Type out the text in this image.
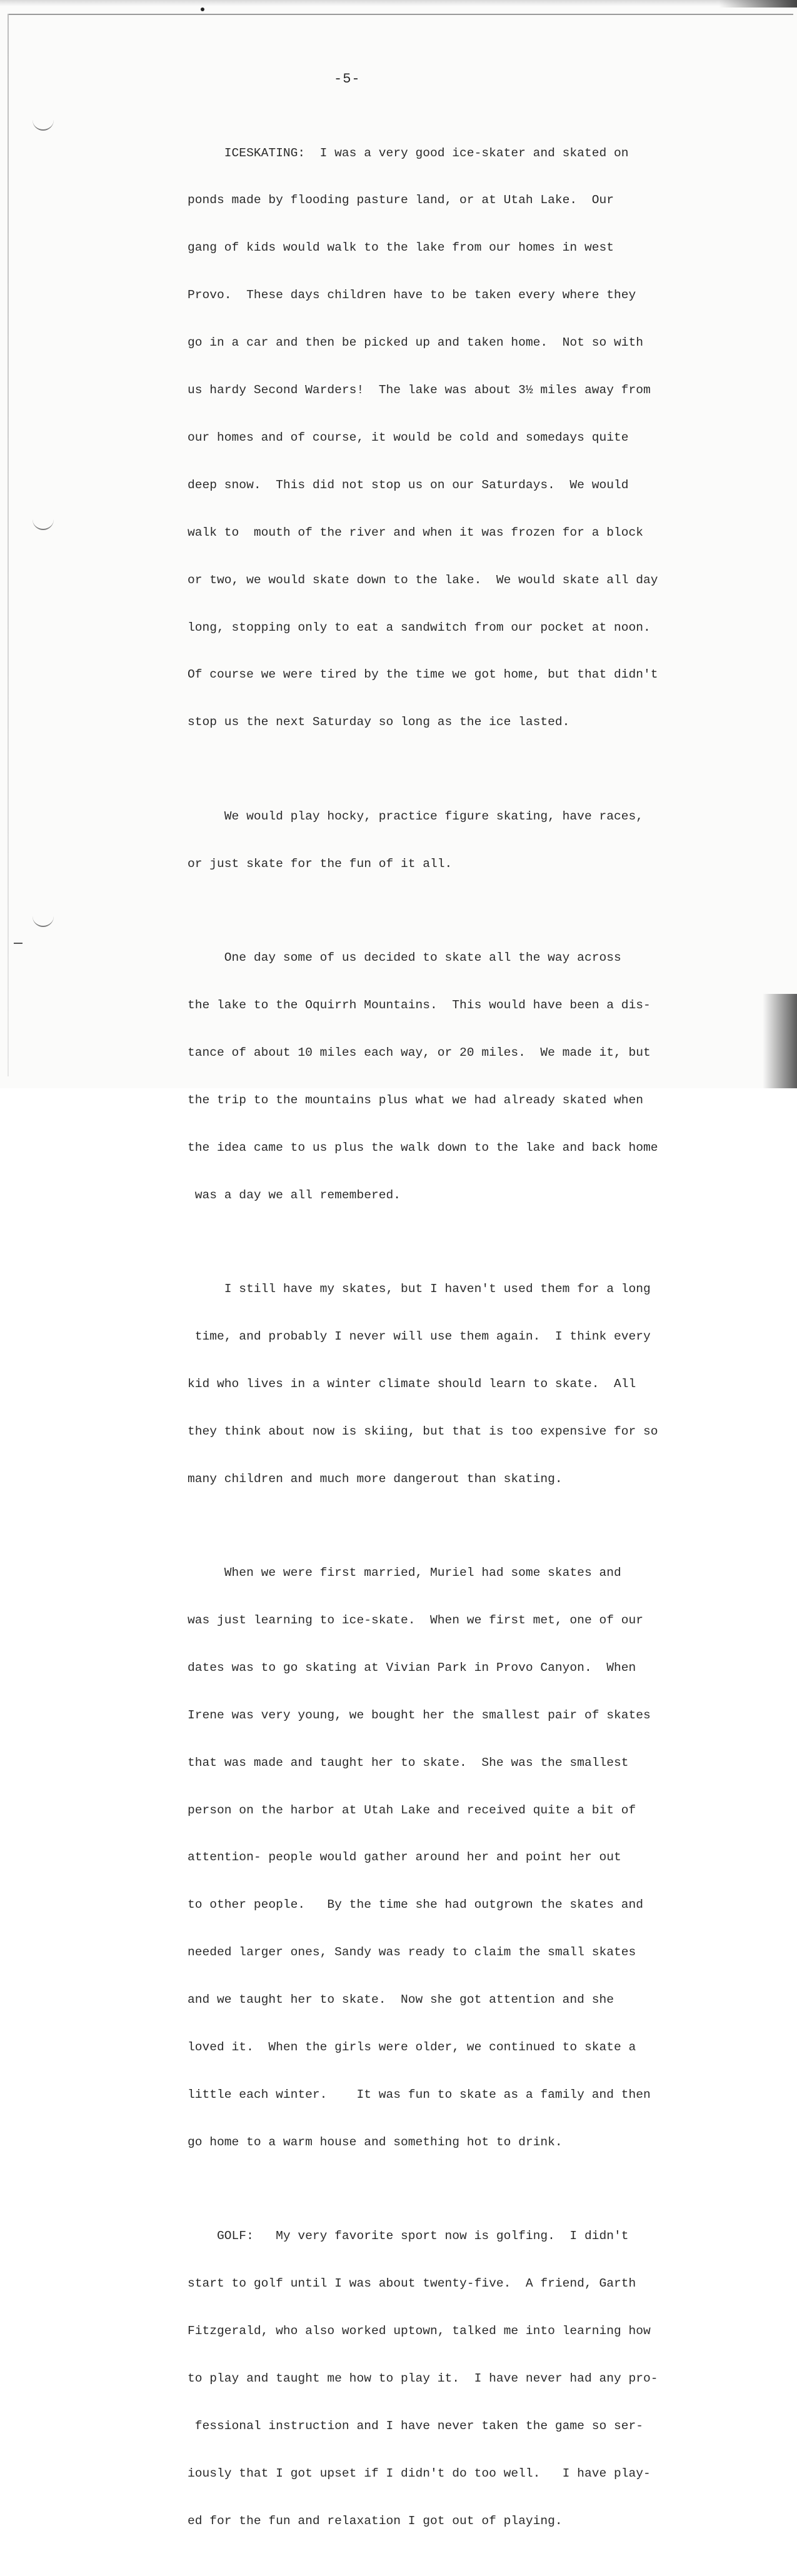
-5-

ICESKATING:  I was a very good ice-skater and skated on

ponds made by flooding pasture land, or at Utah Lake.  Our

gang of kids would walk to the lake from our homes in west

Provo.  These days children have to be taken every where they

go in a car and then be picked up and taken home.  Not so with

us hardy Second Warders!  The lake was about 3½ miles away from

our homes and of course, it would be cold and somedays quite

deep snow.  This did not stop us on our Saturdays.  We would

walk to  mouth of the river and when it was frozen for a block

or two, we would skate down to the lake.  We would skate all day

long, stopping only to eat a sandwitch from our pocket at noon.

Of course we were tired by the time we got home, but that didn't

stop us the next Saturday so long as the ice lasted.

We would play hocky, practice figure skating, have races,

or just skate for the fun of it all.

One day some of us decided to skate all the way across

the lake to the Oquirrh Mountains.  This would have been a dis-

tance of about 10 miles each way, or 20 miles.  We made it, but

the trip to the mountains plus what we had already skated when

the idea came to us plus the walk down to the lake and back home

was a day we all remembered.

I still have my skates, but I haven't used them for a long

time, and probably I never will use them again.  I think every

kid who lives in a winter climate should learn to skate.  All

they think about now is skiing, but that is too expensive for so

many children and much more dangerout than skating.

When we were first married, Muriel had some skates and

was just learning to ice-skate.  When we first met, one of our

dates was to go skating at Vivian Park in Provo Canyon.  When

Irene was very young, we bought her the smallest pair of skates

that was made and taught her to skate.  She was the smallest

person on the harbor at Utah Lake and received quite a bit of

attention- people would gather around her and point her out

to other people.   By the time she had outgrown the skates and

needed larger ones, Sandy was ready to claim the small skates

and we taught her to skate.  Now she got attention and she

loved it.  When the girls were older, we continued to skate a

little each winter.    It was fun to skate as a family and then

go home to a warm house and something hot to drink.

GOLF:   My very favorite sport now is golfing.  I didn't

start to golf until I was about twenty-five.  A friend, Garth

Fitzgerald, who also worked uptown, talked me into learning how

to play and taught me how to play it.  I have never had any pro-

fessional instruction and I have never taken the game so ser-

iously that I got upset if I didn't do too well.   I have play-

ed for the fun and relaxation I got out of playing.
